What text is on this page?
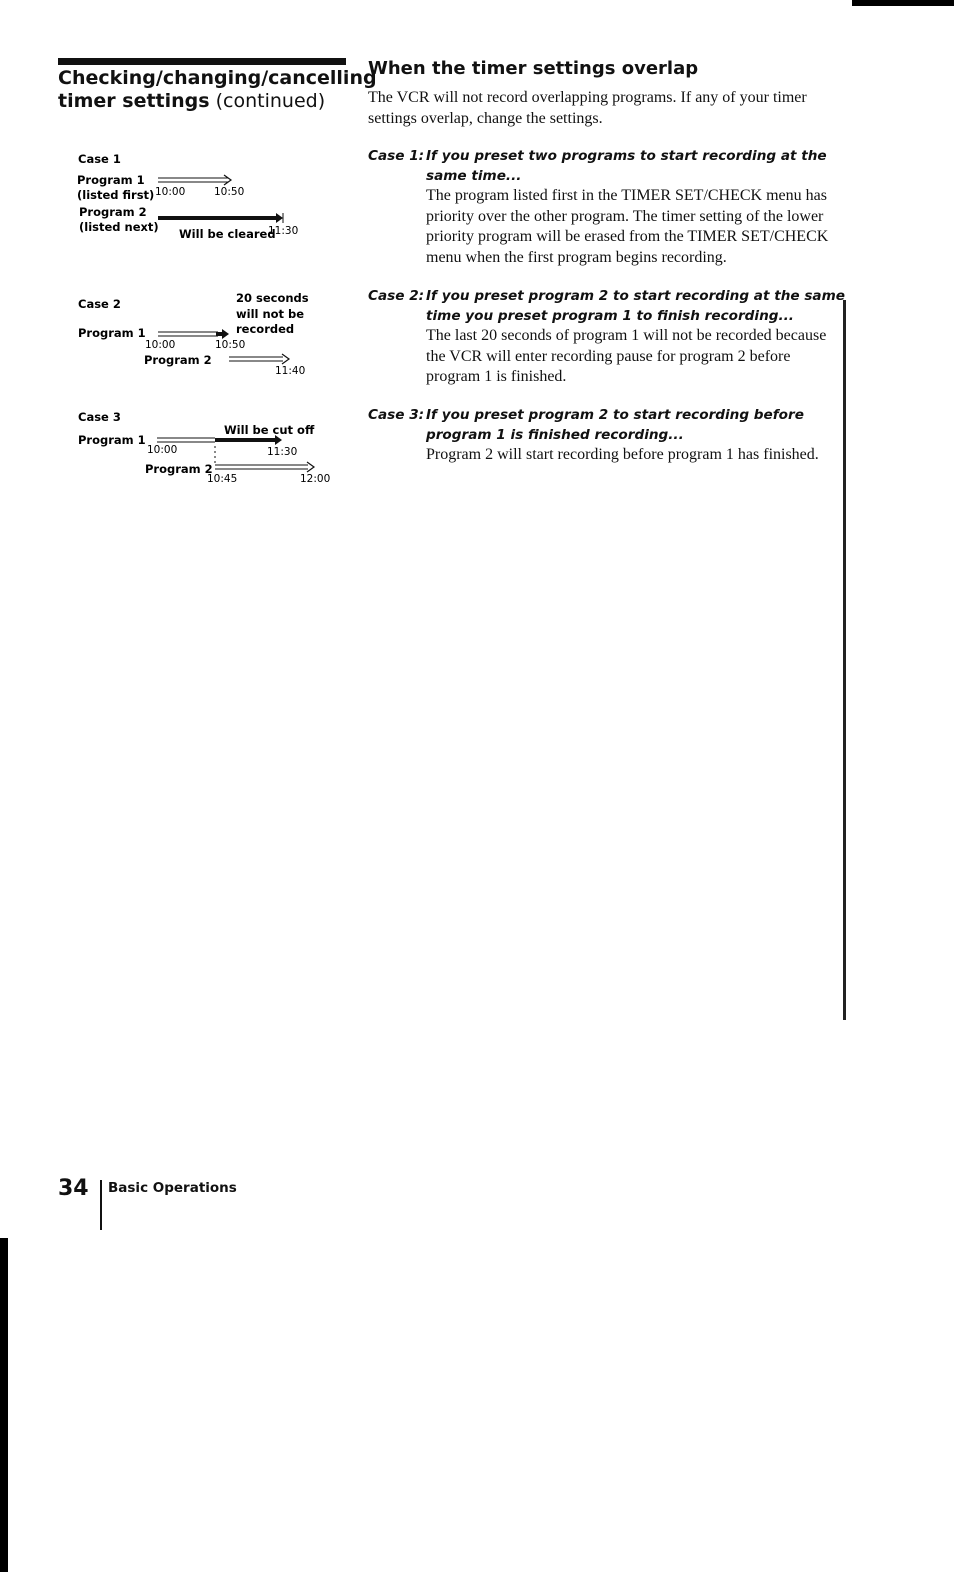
Checking/changing/cancelling timer settings (continued)
When the timer settings overlap
The VCR will not record overlapping programs. If any of your timer settings overlap, change the settings.
Case 1: If you preset two programs to start recording at the same time...
The program listed first in the TIMER SET/CHECK menu has priority over the other program. The timer setting of the lower priority program will be erased from the TIMER SET/CHECK menu when the first program begins recording.
Case 2: If you preset program 2 to start recording at the same time you preset program 1 to finish recording...
The last 20 seconds of program 1 will not be recorded because the VCR will enter recording pause for program 2 before program 1 is finished.
Case 3: If you preset program 2 to start recording before program 1 is finished recording...
Program 2 will start recording before program 1 has finished.
Case 1
Program 1
(listed first)
Program 2
(listed next)
10:00	10:50
Will be cleared
11:30
Case 2	20 seconds
will not be
recorded
Program 1
10:00	10:50
Program 2
11:40
Case 3
Will be cut off
Program 1
10:00	11:30
Program 2
10:45	12:00
34 Basic Operations
